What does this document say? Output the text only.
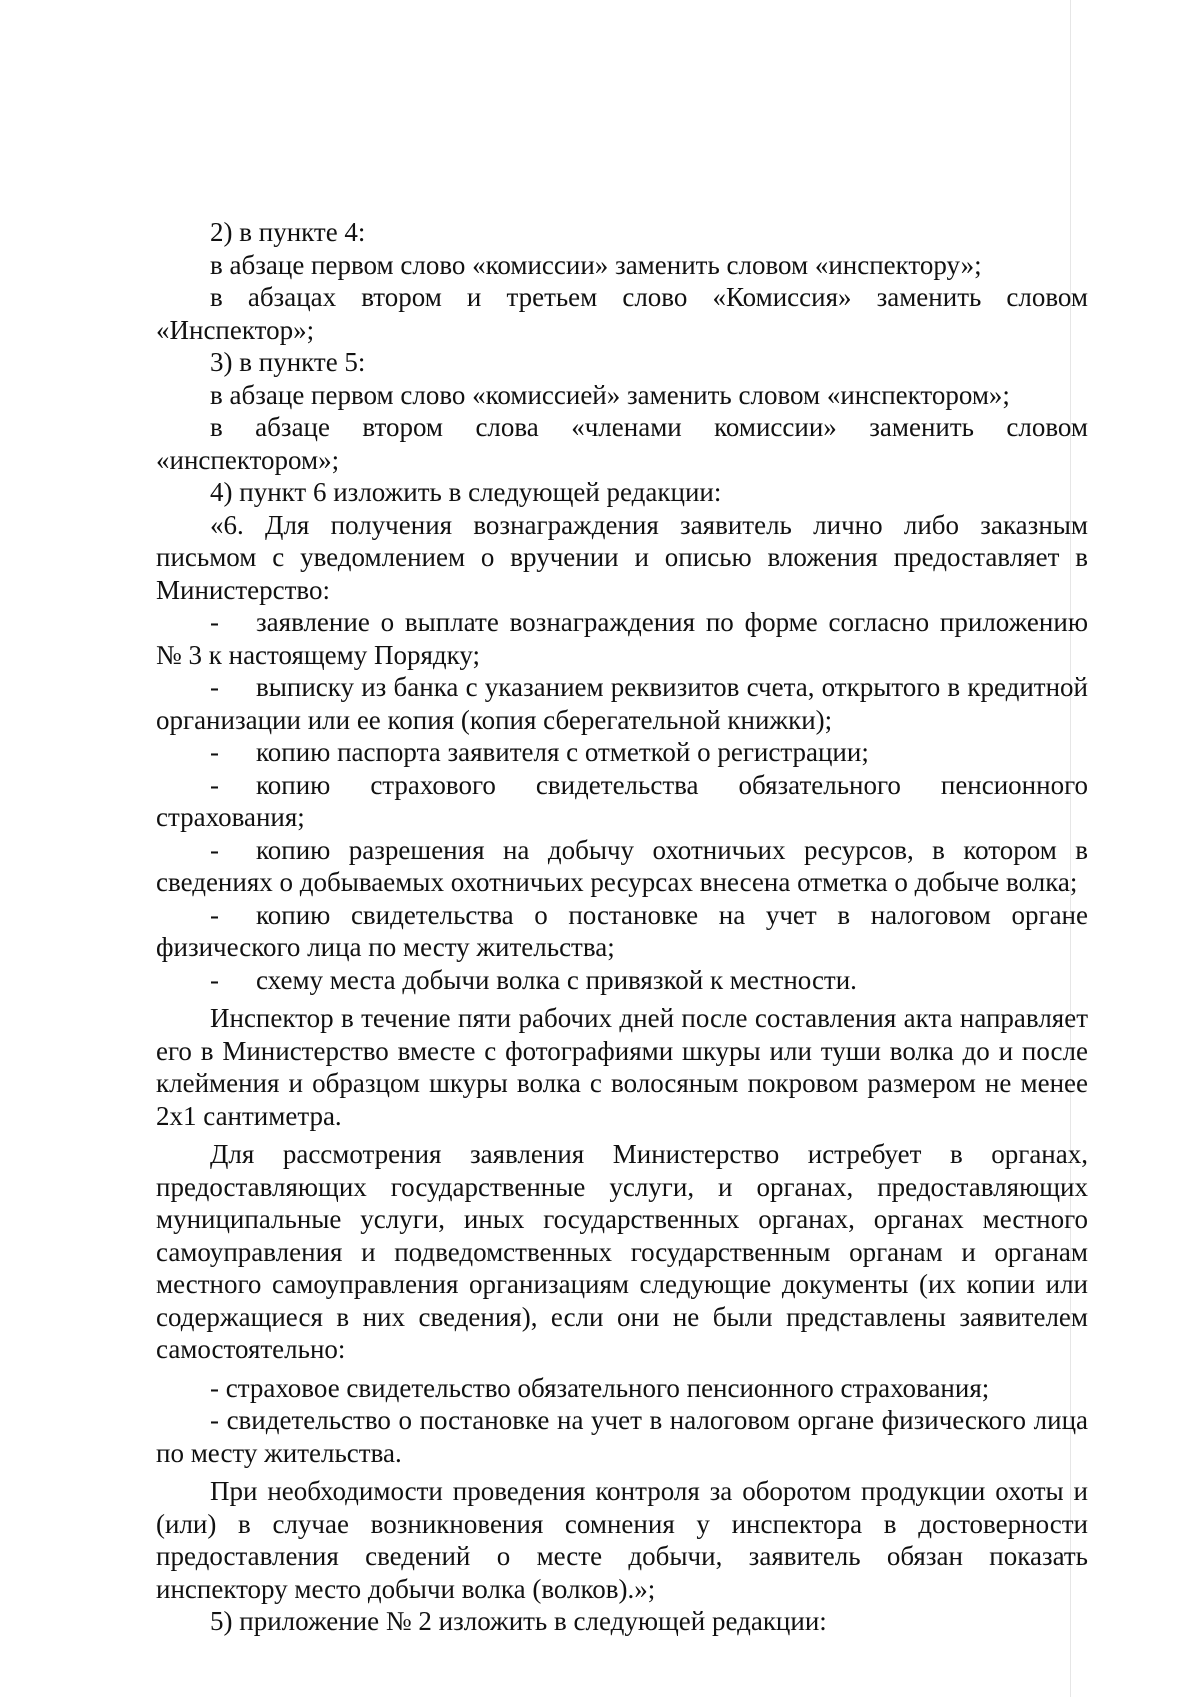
2) в пункте 4:

в абзаце первом слово «комиссии» заменить словом «инспектору»;

в абзацах втором и третьем слово «Комиссия» заменить словом «Инспектор»;

3) в пункте 5:

в абзаце первом слово «комиссией» заменить словом «инспектором»;

в абзаце втором слова «членами комиссии» заменить словом «инспектором»;

4) пункт 6 изложить в следующей редакции:

«6. Для получения вознаграждения заявитель лично либо заказным письмом с уведомлением о вручении и описью вложения предоставляет в Министерство:

- заявление о выплате вознаграждения по форме согласно приложению № 3 к настоящему Порядку;

- выписку из банка с указанием реквизитов счета, открытого в кредитной организации или ее копия (копия сберегательной книжки);

- копию паспорта заявителя с отметкой о регистрации;

- копию страхового свидетельства обязательного пенсионного страхования;

- копию разрешения на добычу охотничьих ресурсов, в котором в сведениях о добываемых охотничьих ресурсах внесена отметка о добыче волка;

- копию свидетельства о постановке на учет в налоговом органе физического лица по месту жительства;

- схему места добычи волка с привязкой к местности.

Инспектор в течение пяти рабочих дней после составления акта направляет его в Министерство вместе с фотографиями шкуры или туши волка до и после клеймения и образцом шкуры волка с волосяным покровом размером не менее 2х1 сантиметра.

Для рассмотрения заявления Министерство истребует в органах, предоставляющих государственные услуги, и органах, предоставляющих муниципальные услуги, иных государственных органах, органах местного самоуправления и подведомственных государственным органам и органам местного самоуправления организациям следующие документы (их копии или содержащиеся в них сведения), если они не были представлены заявителем самостоятельно:

- страховое свидетельство обязательного пенсионного страхования;

- свидетельство о постановке на учет в налоговом органе физического лица по месту жительства.

При необходимости проведения контроля за оборотом продукции охоты и (или) в случае возникновения сомнения у инспектора в достоверности предоставления сведений о месте добычи, заявитель обязан показать инспектору место добычи волка (волков).»;

5) приложение № 2 изложить в следующей редакции:
